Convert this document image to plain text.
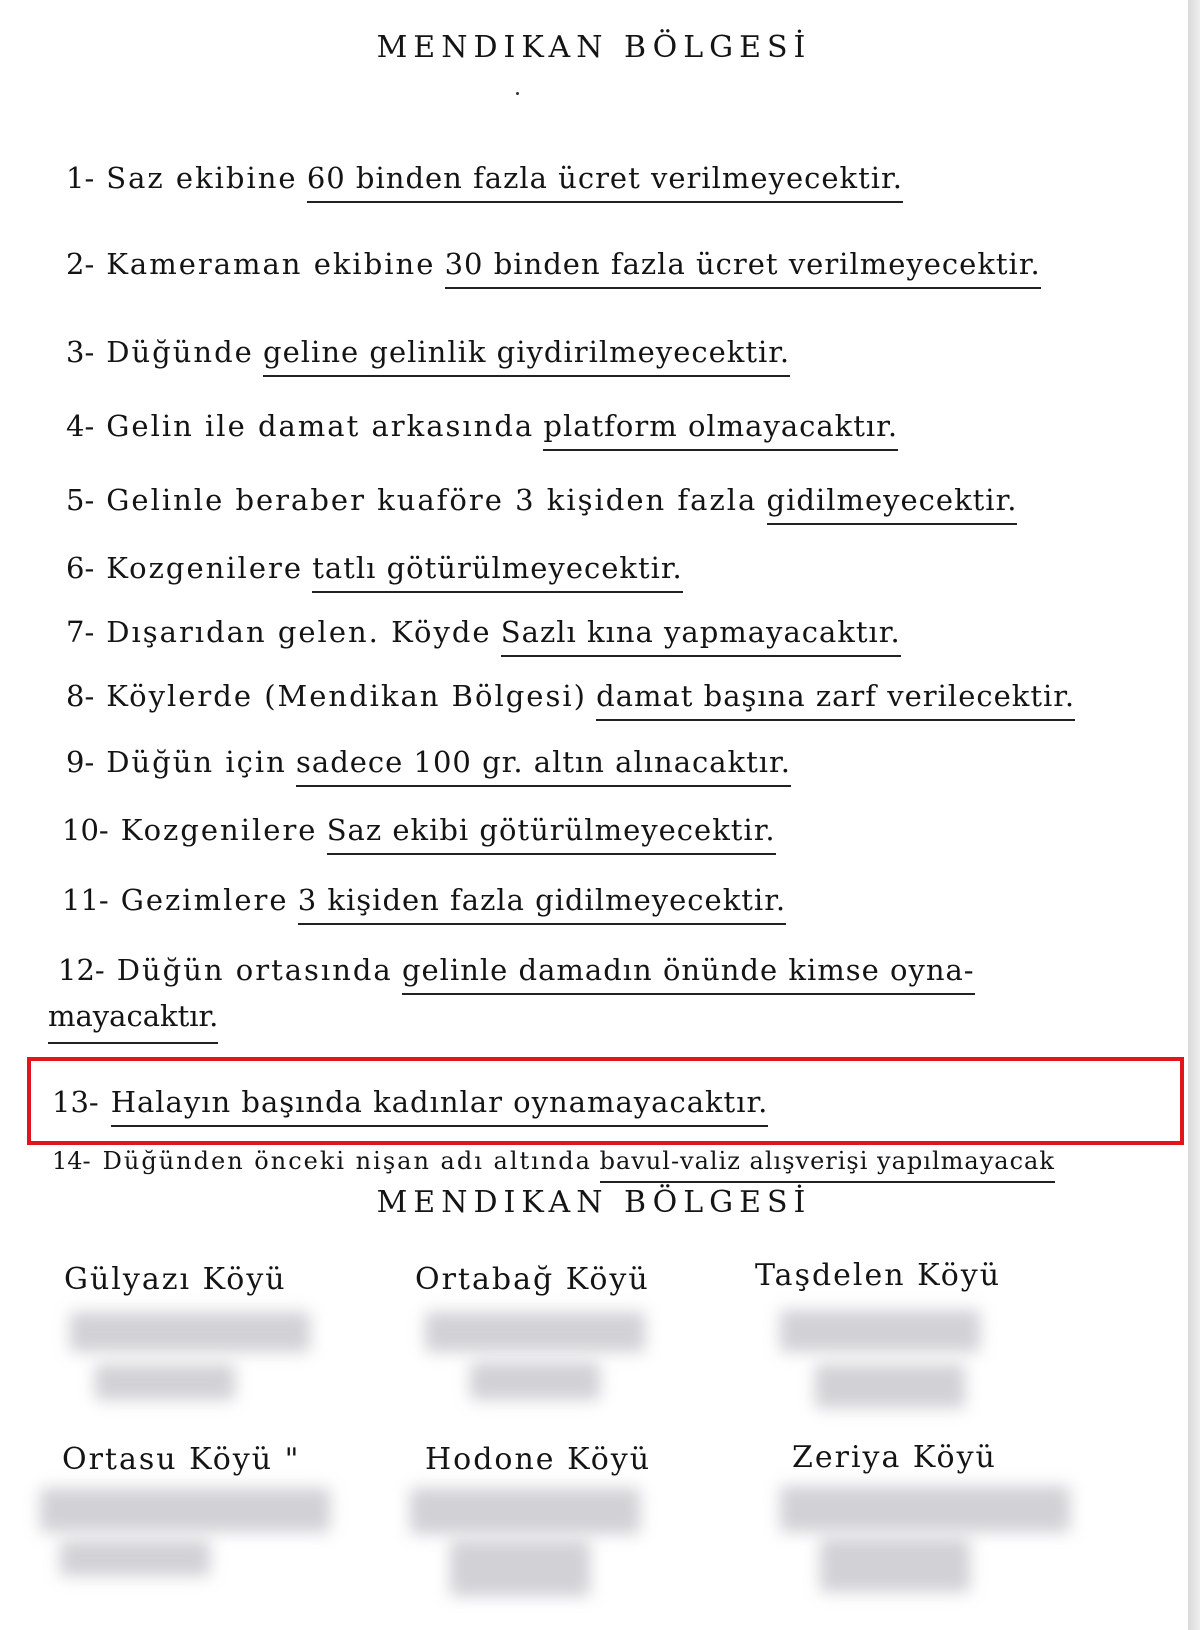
MENDIKAN BÖLGESİ
1- Saz ekibine 60 binden fazla ücret verilmeyecektir.
2- Kameraman ekibine 30 binden fazla ücret verilmeyecektir.
3- Düğünde geline gelinlik giydirilmeyecektir.
4- Gelin ile damat arkasında platform olmayacaktır.
5- Gelinle beraber kuaföre 3 kişiden fazla gidilmeyecektir.
6- Kozgenilere tatlı götürülmeyecektir.
7- Dışarıdan gelen. Köyde Sazlı kına yapmayacaktır.
8- Köylerde (Mendikan Bölgesi) damat başına zarf verilecektir.
9- Düğün için sadece 100 gr. altın alınacaktır.
10- Kozgenilere Saz ekibi götürülmeyecektir.
11- Gezimlere 3 kişiden fazla gidilmeyecektir.
12- Düğün ortasında gelinle damadın önünde kimse oyna-
mayacaktır.
13- Halayın başında kadınlar oynamayacaktır.
14- Düğünden önceki nişan adı altında bavul-valiz alışverişi yapılmayacak
MENDIKAN BÖLGESİ
Gülyazı Köyü	Ortabağ Köyü	Taşdelen Köyü
Ortasu Köyü "	Hodone Köyü	Zeriya Köyü
